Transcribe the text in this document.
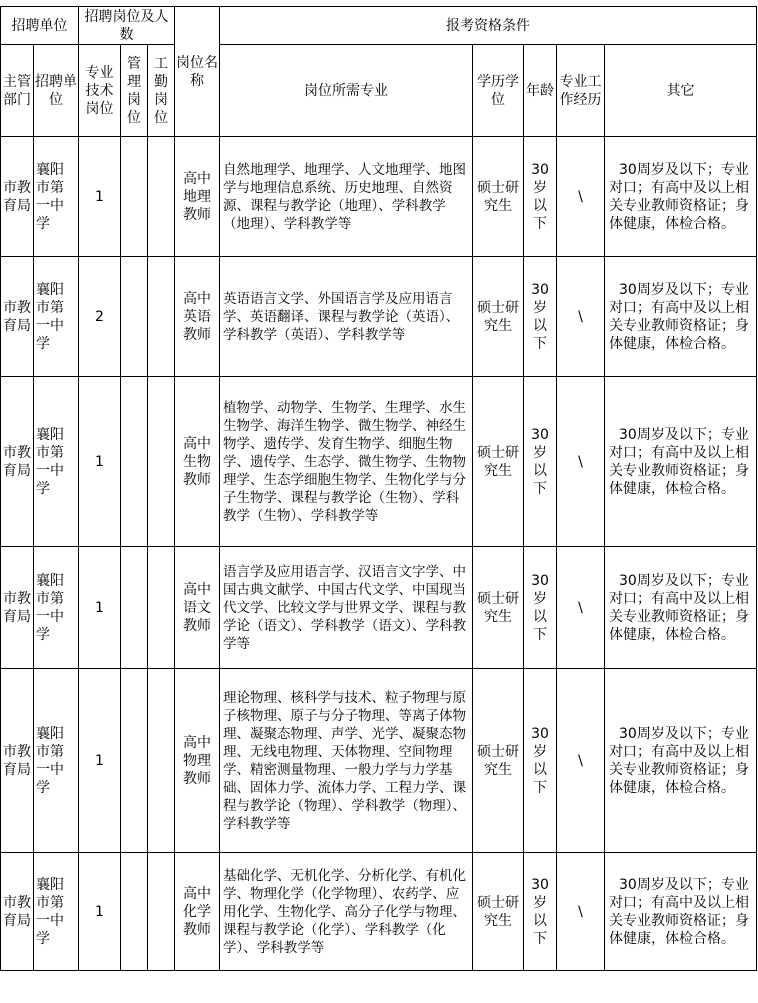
招聘单位		招聘岗位及人数			岗位名称	报考资格条件				
主管部门	招聘单位	专业技术岗位	管理岗位	工勤岗位		岗位所需专业	学历学位	年龄	专业工作经历	其它
市教育局	襄阳市第一中学	1			高中地理教师	自然地理学、地理学、人文地理学、地图学与地理信息系统、历史地理、自然资源、课程与教学论（地理）、学科教学（地理）、学科教学等	硕士研究生	30岁以下	\	30周岁及以下；专业对口；有高中及以上相关专业教师资格证；身体健康，体检合格。
市教育局	襄阳市第一中学	2			高中英语教师	英语语言文学、外国语言学及应用语言学、英语翻译、课程与教学论（英语）、学科教学（英语）、学科教学等	硕士研究生	30岁以下	\	30周岁及以下；专业对口；有高中及以上相关专业教师资格证；身体健康，体检合格。
市教育局	襄阳市第一中学	1			高中生物教师	植物学、动物学、生物学、生理学、水生生物学、海洋生物学、微生物学、神经生物学、遗传学、发育生物学、细胞生物学、遗传学、生态学、微生物学、生物物理学、生态学细胞生物学、生物化学与分子生物学、课程与教学论（生物）、学科教学（生物）、学科教学等	硕士研究生	30岁以下	\	30周岁及以下；专业对口；有高中及以上相关专业教师资格证；身体健康，体检合格。
市教育局	襄阳市第一中学	1			高中语文教师	语言学及应用语言学、汉语言文字学、中国古典文献学、中国古代文学、中国现当代文学、比较文学与世界文学、课程与教学论（语文）、学科教学（语文）、学科教学等	硕士研究生	30岁以下	\	30周岁及以下；专业对口；有高中及以上相关专业教师资格证；身体健康，体检合格。
市教育局	襄阳市第一中学	1			高中物理教师	理论物理、核科学与技术、粒子物理与原子核物理、原子与分子物理、等离子体物理、凝聚态物理、声学、光学、凝聚态物理、无线电物理、天体物理、空间物理学、精密测量物理、一般力学与力学基础、固体力学、流体力学、工程力学、课程与教学论（物理）、学科教学（物理）、学科教学等	硕士研究生	30岁以下	\	30周岁及以下；专业对口；有高中及以上相关专业教师资格证；身体健康，体检合格。
市教育局	襄阳市第一中学	1			高中化学教师	基础化学、无机化学、分析化学、有机化学、物理化学（化学物理）、农药学、应用化学、生物化学、高分子化学与物理、课程与教学论（化学）、学科教学（化学）、学科教学等	硕士研究生	30岁以下	\	30周岁及以下；专业对口；有高中及以上相关专业教师资格证；身体健康，体检合格。
